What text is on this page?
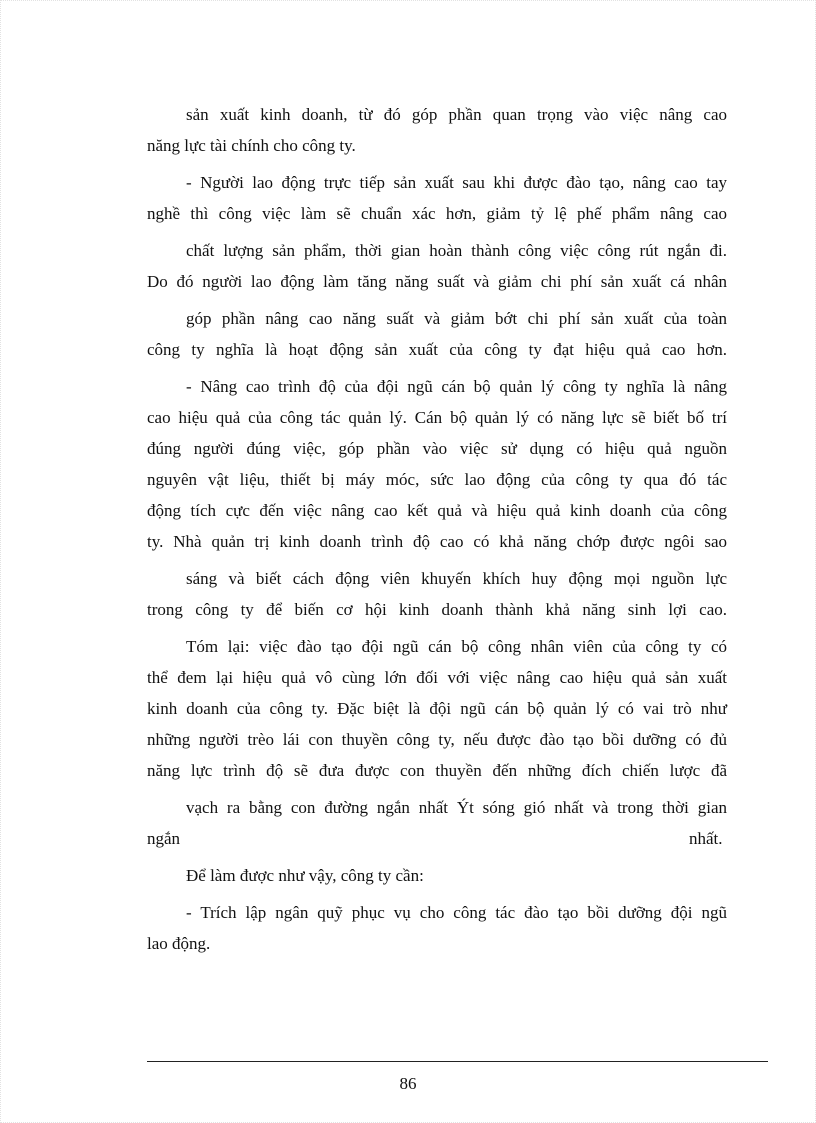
sản xuất kinh doanh, từ đó góp phần quan trọng vào việc nâng cao
năng lực tài chính cho công ty.
- Người lao động trực tiếp sản xuất sau khi được đào tạo, nâng cao tay
nghề thì công việc làm sẽ chuẩn xác hơn, giảm tỷ lệ phế phẩm nâng cao
chất lượng sản phẩm, thời gian hoàn thành công việc công rút ngắn đi.
Do đó người lao động làm tăng năng suất và giảm chi phí sản xuất cá nhân
góp phần nâng cao năng suất và giảm bớt chi phí sản xuất của toàn
công ty nghĩa là hoạt động sản xuất của công ty đạt hiệu quả cao hơn.
- Nâng cao trình độ của đội ngũ cán bộ quản lý công ty nghĩa là nâng
cao hiệu quả của công tác quản lý. Cán bộ quản lý có năng lực sẽ biết bố trí
đúng người đúng việc, góp phần vào việc sử dụng có hiệu quả nguồn
nguyên vật liệu, thiết bị máy móc, sức lao động của công ty qua đó tác
động tích cực đến việc nâng cao kết quả và hiệu quả kinh doanh của công
ty. Nhà quản trị kinh doanh trình độ cao có khả năng chớp được ngôi sao
sáng và biết cách động viên khuyến khích huy động mọi nguồn lực
trong công ty để biến cơ hội kinh doanh thành khả năng sinh lợi cao.
Tóm lại: việc đào tạo đội ngũ cán bộ công nhân viên của công ty có
thể đem lại hiệu quả vô cùng lớn đối với việc nâng cao hiệu quả sản xuất
kinh doanh của công ty. Đặc biệt là đội ngũ cán bộ quản lý có vai trò như
những người trèo lái con thuyền công ty, nếu được đào tạo bồi dưỡng có đủ
năng lực trình độ sẽ đưa được con thuyền đến những đích chiến lược đã
vạch ra bằng con đường ngắn nhất Ýt sóng gió nhất và trong thời gian
ngắn	nhất.
Để làm được như vậy, công ty cần:
- Trích lập ngân quỹ phục vụ cho công tác đào tạo bồi dưỡng đội ngũ
lao động.
86
